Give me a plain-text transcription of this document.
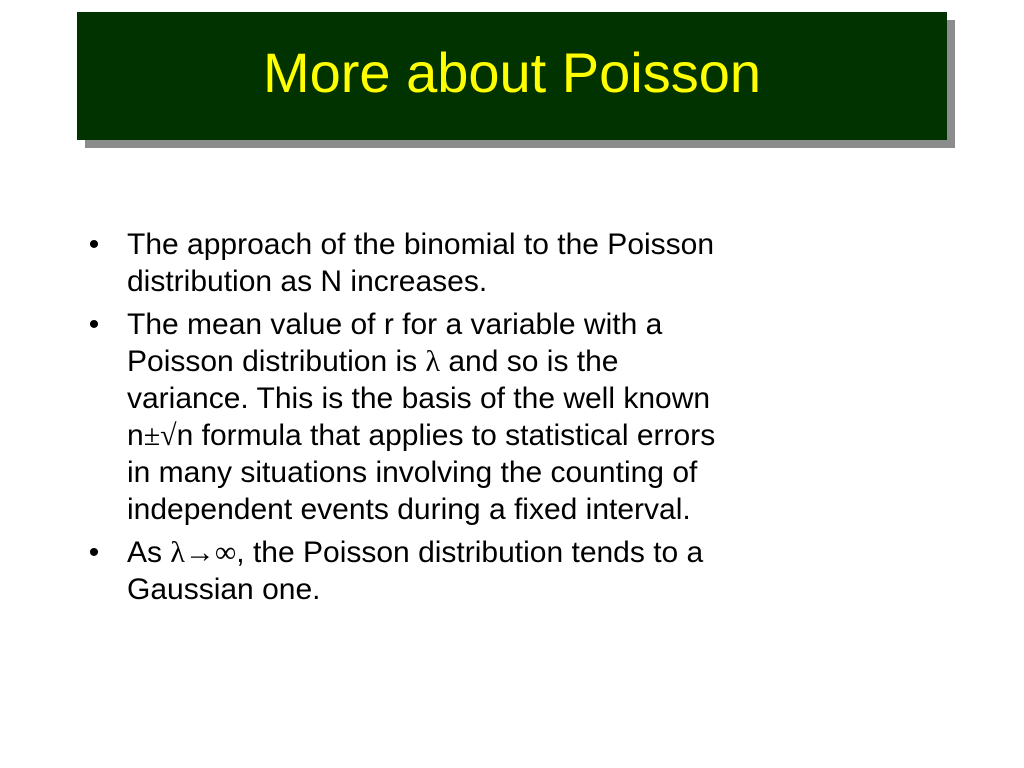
More about Poisson
• The approach of the binomial to the Poisson
distribution as N increases.
• The mean value of r for a variable with a
Poisson distribution is λ and so is the
variance. This is the basis of the well known
n±√n formula that applies to statistical errors
in many situations involving the counting of
independent events during a fixed interval.
• As λ→∞, the Poisson distribution tends to a
Gaussian one.
